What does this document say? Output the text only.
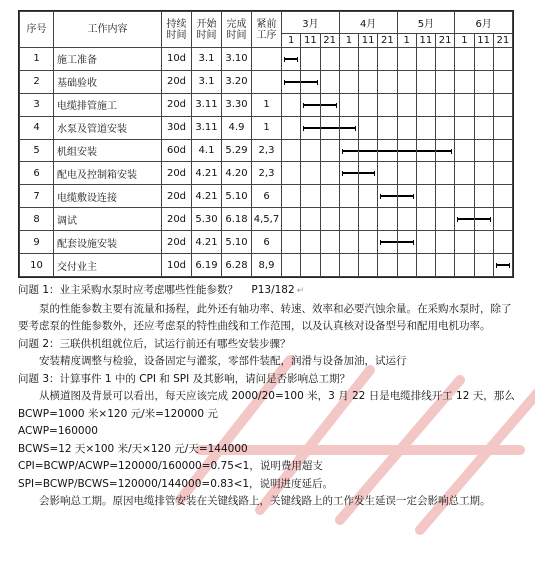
序号	工作内容	持续时间	开始时间	完成时间	紧前工序	3月			4月			5月			6月		
						1	11	21	1	11	21	1	11	21	1	11	21
1	施工准备	10d	3.1	3.10		

2	基础验收	20d	3.1	3.20		

3	电缆排管施工	20d	3.11	3.30	1		

4	水泵及管道安装	30d	3.11	4.9	1		

5	机组安装	60d	4.1	5.29	2,3				

6	配电及控制箱安装	20d	4.21	4.20	2,3				

7	电缆敷设连接	20d	4.21	5.10	6						

8	调试	20d	5.30	6.18	4,5,7										

9	配套设施安装	20d	4.21	5.10	6						

10	交付业主	10d	6.19	6.28	8,9												

问题 1：业主采购水泵时应考虑哪些性能参数？ P13/182 ↵

泵的性能参数主要有流量和扬程，此外还有轴功率、转速、效率和必要汽蚀余量。在采购水泵时，除了要考虑泵的性能参数外，还应考虑泵的特性曲线和工作范围，以及认真核对设备型号和配用电机功率。

问题 2：三联供机组就位后，试运行前还有哪些安装步骤？

安装精度调整与检验，设备固定与灌浆，零部件装配，润滑与设备加油，试运行

问题 3：计算事件 1 中的 CPI 和 SPI 及其影响，请问是否影响总工期？

从横道图及背景可以看出，每天应该完成 2000/20=100 米，3 月 22 日是电缆排线开工 12 天，那么

BCWP=1000 米×120 元/米=120000 元

ACWP=160000

BCWS=12 天×100 米/天×120 元/天=144000

CPI=BCWP/ACWP=120000/160000=0.75<1，说明费用超支

SPI=BCWP/BCWS=120000/144000=0.83<1，说明进度延后。

会影响总工期。原因电缆排管安装在关键线路上，关键线路上的工作发生延误一定会影响总工期。
